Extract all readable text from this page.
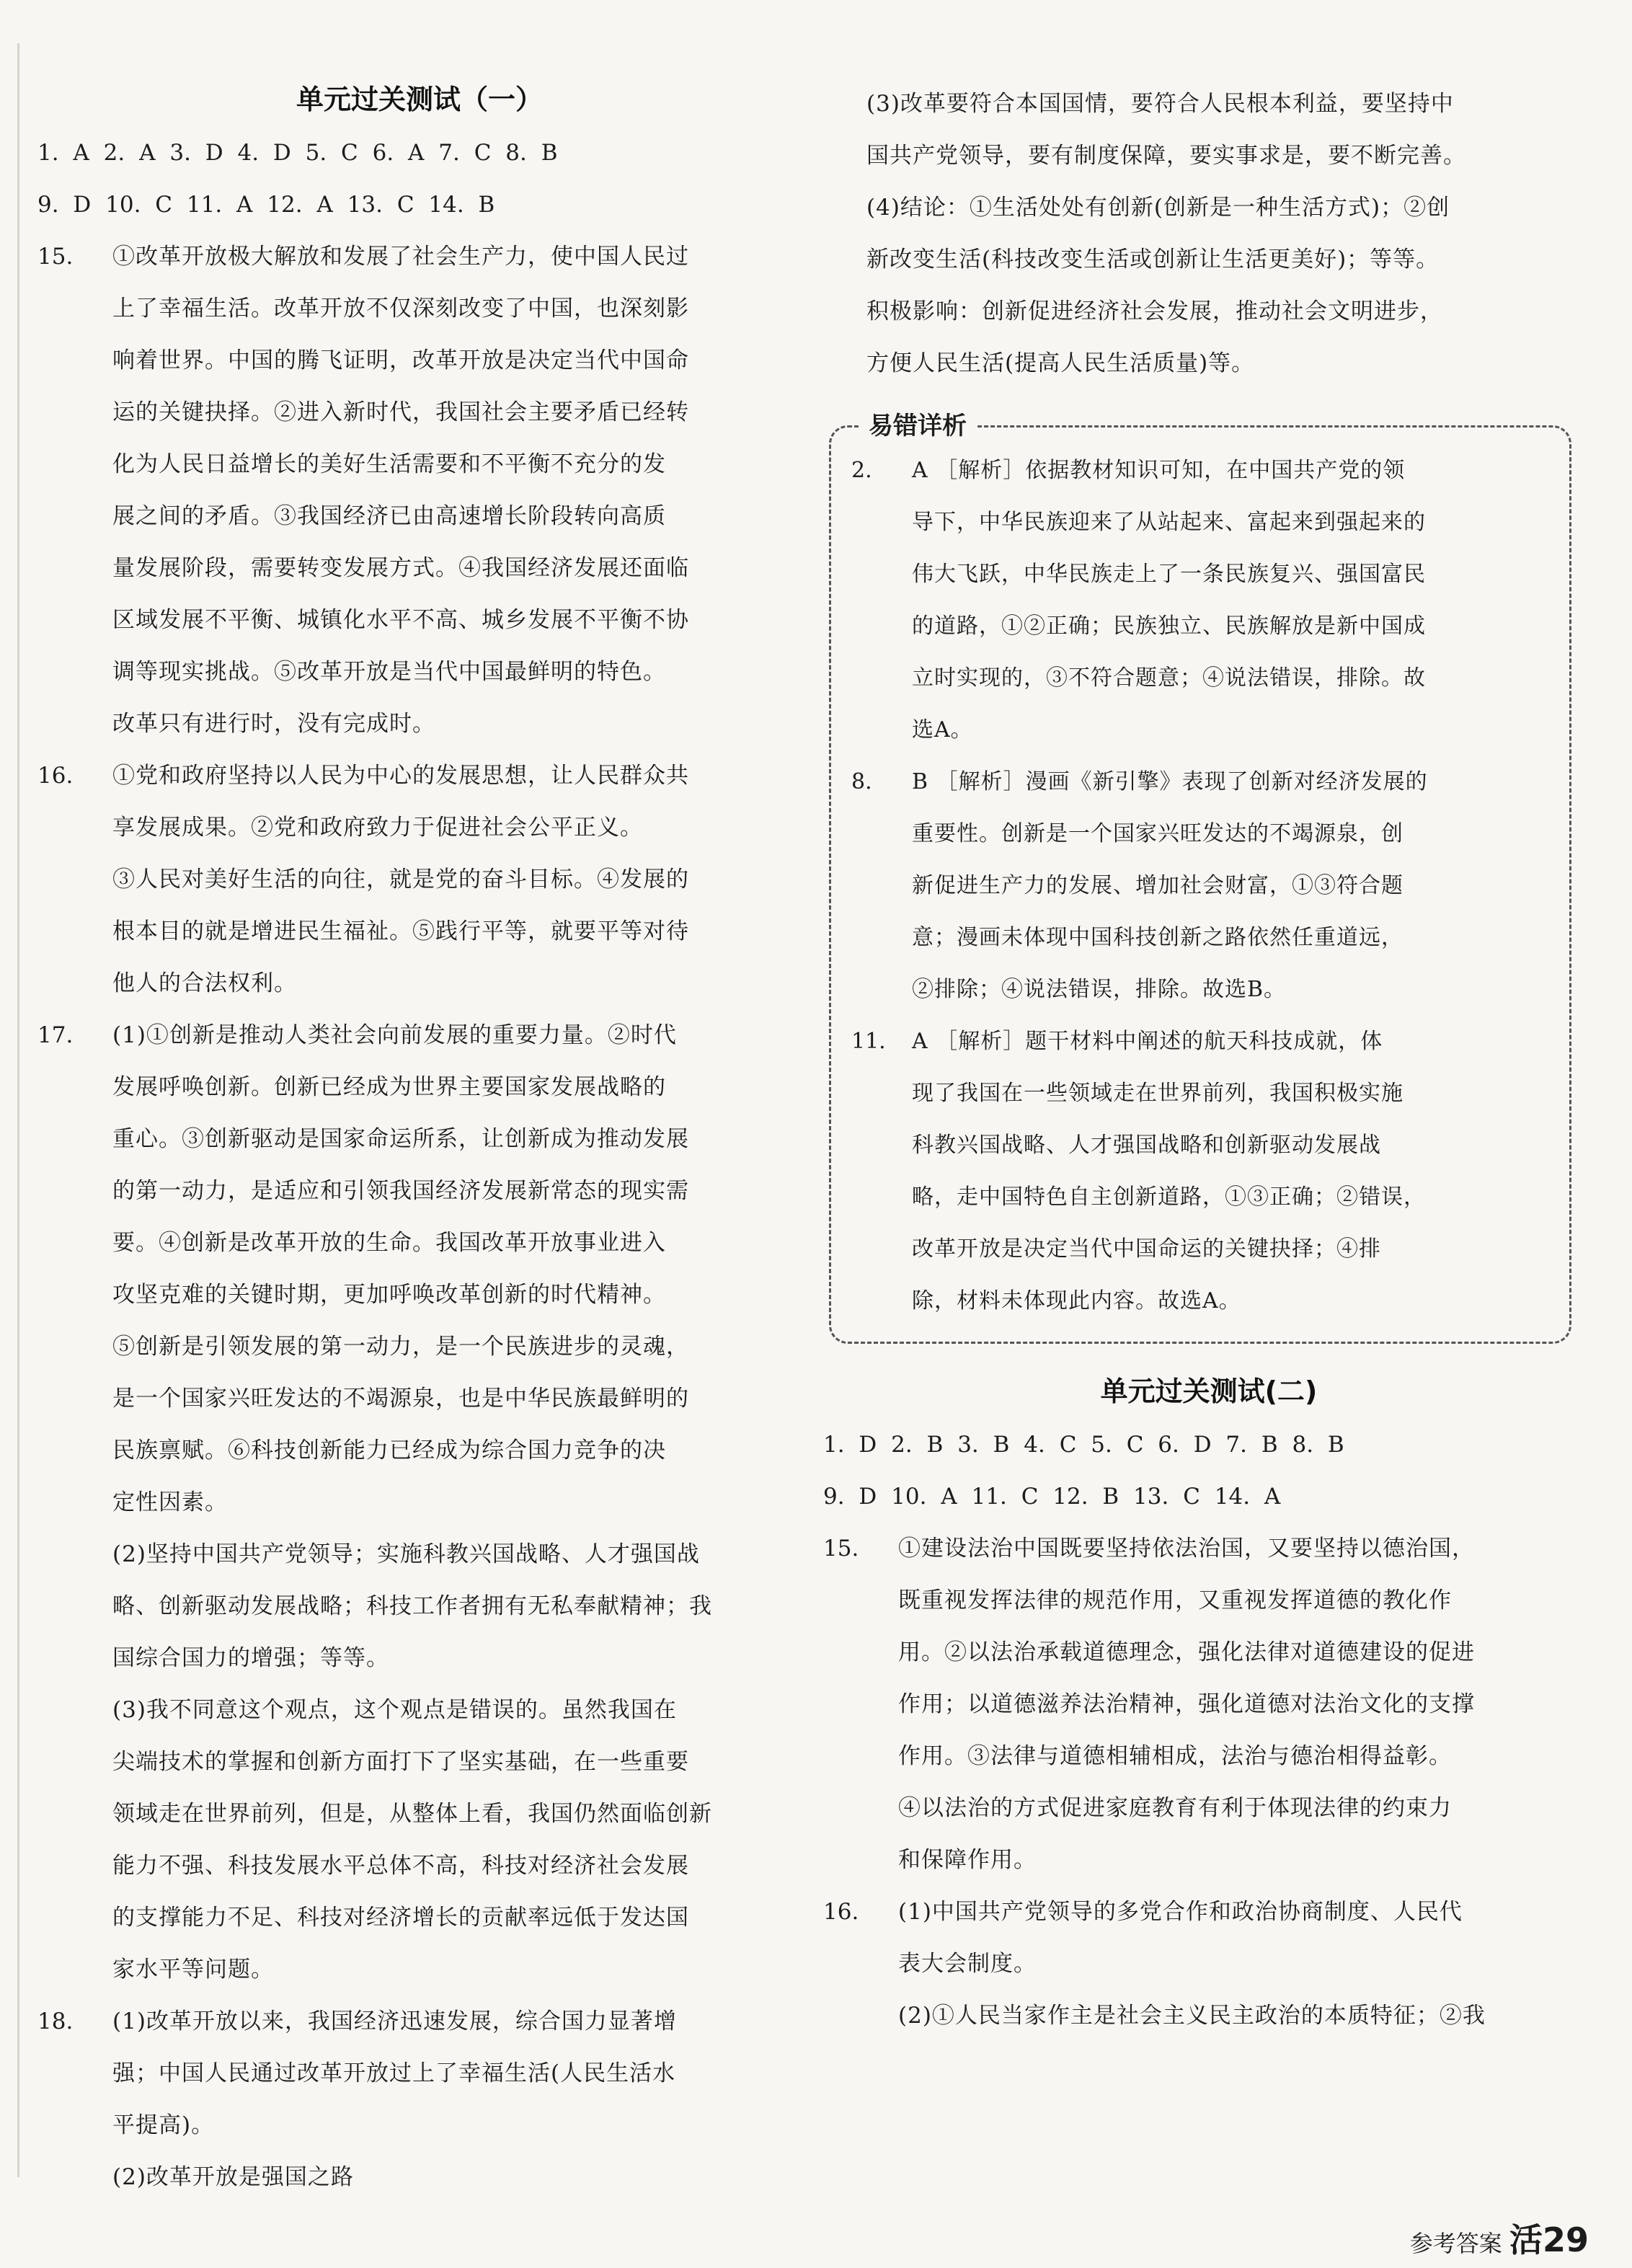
单元过关测试（一）
1. A 2. A 3. D 4. D 5. C 6. A 7. C 8. B
9. D 10. C 11. A 12. A 13. C 14. B
15. ①改革开放极大解放和发展了社会生产力，使中国人民过
上了幸福生活。改革开放不仅深刻改变了中国，也深刻影
响着世界。中国的腾飞证明，改革开放是决定当代中国命
运的关键抉择。②进入新时代，我国社会主要矛盾已经转
化为人民日益增长的美好生活需要和不平衡不充分的发
展之间的矛盾。③我国经济已由高速增长阶段转向高质
量发展阶段，需要转变发展方式。④我国经济发展还面临
区域发展不平衡、城镇化水平不高、城乡发展不平衡不协
调等现实挑战。⑤改革开放是当代中国最鲜明的特色。
改革只有进行时，没有完成时。
16. ①党和政府坚持以人民为中心的发展思想，让人民群众共
享发展成果。②党和政府致力于促进社会公平正义。
③人民对美好生活的向往，就是党的奋斗目标。④发展的
根本目的就是增进民生福祉。⑤践行平等，就要平等对待
他人的合法权利。
17. (1)①创新是推动人类社会向前发展的重要力量。②时代
发展呼唤创新。创新已经成为世界主要国家发展战略的
重心。③创新驱动是国家命运所系，让创新成为推动发展
的第一动力，是适应和引领我国经济发展新常态的现实需
要。④创新是改革开放的生命。我国改革开放事业进入
攻坚克难的关键时期，更加呼唤改革创新的时代精神。
⑤创新是引领发展的第一动力，是一个民族进步的灵魂，
是一个国家兴旺发达的不竭源泉，也是中华民族最鲜明的
民族禀赋。⑥科技创新能力已经成为综合国力竞争的决
定性因素。
(2)坚持中国共产党领导；实施科教兴国战略、人才强国战
略、创新驱动发展战略；科技工作者拥有无私奉献精神；我
国综合国力的增强；等等。
(3)我不同意这个观点，这个观点是错误的。虽然我国在
尖端技术的掌握和创新方面打下了坚实基础，在一些重要
领域走在世界前列，但是，从整体上看，我国仍然面临创新
能力不强、科技发展水平总体不高，科技对经济社会发展
的支撑能力不足、科技对经济增长的贡献率远低于发达国
家水平等问题。
18. (1)改革开放以来，我国经济迅速发展，综合国力显著增
强；中国人民通过改革开放过上了幸福生活(人民生活水
平提高)。
(2)改革开放是强国之路
(3)改革要符合本国国情，要符合人民根本利益，要坚持中
国共产党领导，要有制度保障，要实事求是，要不断完善。
(4)结论：①生活处处有创新(创新是一种生活方式)；②创
新改变生活(科技改变生活或创新让生活更美好)；等等。
积极影响：创新促进经济社会发展，推动社会文明进步，
方便人民生活(提高人民生活质量)等。
易错详析
2. A ［解析］依据教材知识可知，在中国共产党的领
导下，中华民族迎来了从站起来、富起来到强起来的
伟大飞跃，中华民族走上了一条民族复兴、强国富民
的道路，①②正确；民族独立、民族解放是新中国成
立时实现的，③不符合题意；④说法错误，排除。故
选A。
8. B ［解析］漫画《新引擎》表现了创新对经济发展的
重要性。创新是一个国家兴旺发达的不竭源泉，创
新促进生产力的发展、增加社会财富，①③符合题
意；漫画未体现中国科技创新之路依然任重道远，
②排除；④说法错误，排除。故选B。
11. A ［解析］题干材料中阐述的航天科技成就，体
现了我国在一些领域走在世界前列，我国积极实施
科教兴国战略、人才强国战略和创新驱动发展战
略，走中国特色自主创新道路，①③正确；②错误，
改革开放是决定当代中国命运的关键抉择；④排
除，材料未体现此内容。故选A。
单元过关测试(二)
1. D 2. B 3. B 4. C 5. C 6. D 7. B 8. B
9. D 10. A 11. C 12. B 13. C 14. A
15. ①建设法治中国既要坚持依法治国，又要坚持以德治国，
既重视发挥法律的规范作用，又重视发挥道德的教化作
用。②以法治承载道德理念，强化法律对道德建设的促进
作用；以道德滋养法治精神，强化道德对法治文化的支撑
作用。③法律与道德相辅相成，法治与德治相得益彰。
④以法治的方式促进家庭教育有利于体现法律的约束力
和保障作用。
16. (1)中国共产党领导的多党合作和政治协商制度、人民代
表大会制度。
(2)①人民当家作主是社会主义民主政治的本质特征；②我
参考答案 活29
